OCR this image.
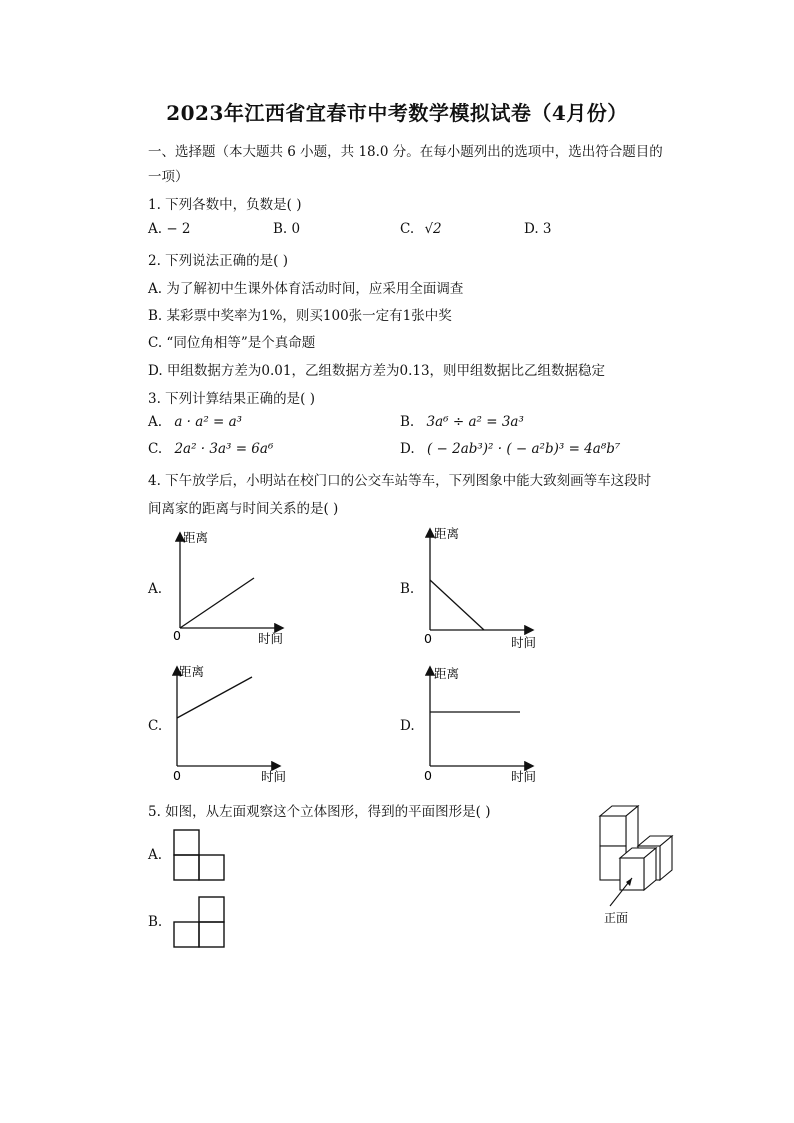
2023年江西省宜春市中考数学模拟试卷（4月份）
一、选择题（本大题共 6 小题，共 18.0 分。在每小题列出的选项中，选出符合题目的
一项）
1. 下列各数中，负数是( )
A. − 2	B. 0	C. √2	D. 3
2. 下列说法正确的是( )
A. 为了解初中生课外体育活动时间，应采用全面调查
B. 某彩票中奖率为1%，则买100张一定有1张中奖
C. “同位角相等”是个真命题
D. 甲组数据方差为0.01，乙组数据方差为0.13，则甲组数据比乙组数据稳定
3. 下列计算结果正确的是( )
A. a · a² = a³	B. 3a⁶ ÷ a² = 3a³
C. 2a² · 3a³ = 6a⁶	D. ( − 2ab³)² · ( − a²b)³ = 4a⁸b⁷
4. 下午放学后，小明站在校门口的公交车站等车，下列图象中能大致刻画等车这段时
间离家的距离与时间关系的是( )
A.
距离
时间
0
B.
距离
时间
0
C.
距离
时间
0
D.
距离
时间
0
5. 如图，从左面观察这个立体图形，得到的平面图形是( )
A.
B.	正面
